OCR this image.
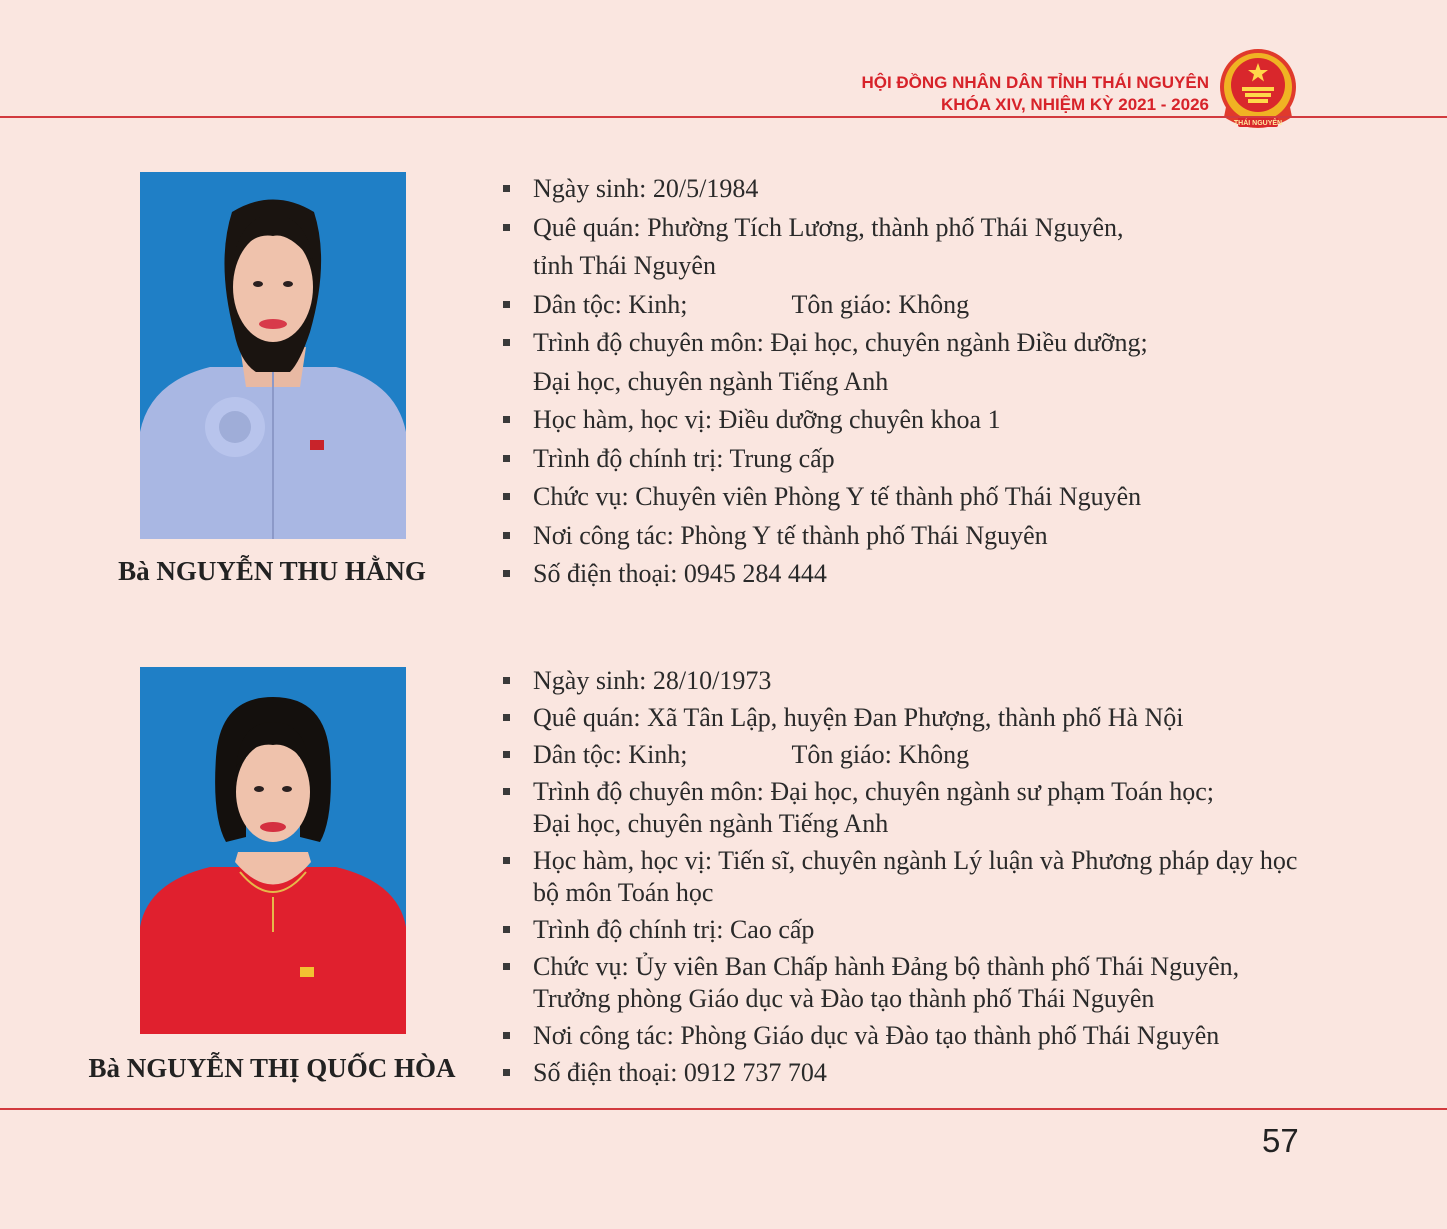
HỘI ĐỒNG NHÂN DÂN TỈNH THÁI NGUYÊN
KHÓA XIV, NHIỆM KỲ 2021 - 2026
THÁI NGUYÊN
Bà NGUYỄN THU HẰNG
Ngày sinh: 20/5/1984
Quê quán: Phường Tích Lương, thành phố Thái Nguyên,
tỉnh Thái Nguyên
Dân tộc: Kinh;	Tôn giáo: Không
Trình độ chuyên môn: Đại học, chuyên ngành Điều dưỡng;
Đại học, chuyên ngành Tiếng Anh
Học hàm, học vị: Điều dưỡng chuyên khoa 1
Trình độ chính trị: Trung cấp
Chức vụ: Chuyên viên Phòng Y tế thành phố Thái Nguyên
Nơi công tác: Phòng Y tế thành phố Thái Nguyên
Số điện thoại: 0945 284 444
Bà NGUYỄN THỊ QUỐC HÒA
Ngày sinh: 28/10/1973
Quê quán: Xã Tân Lập, huyện Đan Phượng, thành phố Hà Nội
Dân tộc: Kinh;	Tôn giáo: Không
Trình độ chuyên môn: Đại học, chuyên ngành sư phạm Toán học;
Đại học, chuyên ngành Tiếng Anh
Học hàm, học vị: Tiến sĩ, chuyên ngành Lý luận và Phương pháp dạy học
bộ môn Toán học
Trình độ chính trị: Cao cấp
Chức vụ: Ủy viên Ban Chấp hành Đảng bộ thành phố Thái Nguyên,
Trưởng phòng Giáo dục và Đào tạo thành phố Thái Nguyên
Nơi công tác: Phòng Giáo dục và Đào tạo thành phố Thái Nguyên
Số điện thoại: 0912 737 704
57
